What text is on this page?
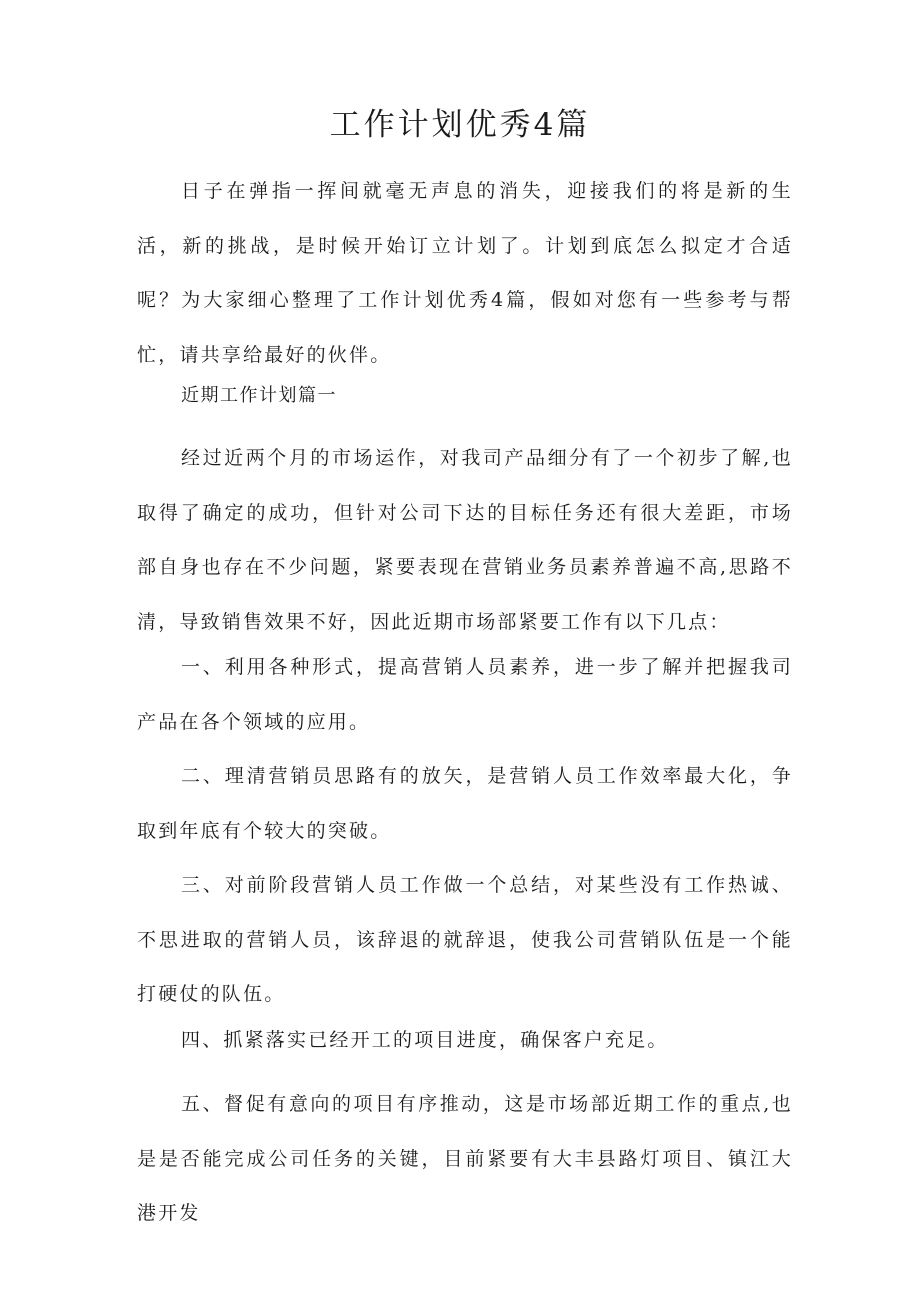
工作计划优秀4篇

日子在弹指一挥间就毫无声息的消失，迎接我们的将是新的生活，新的挑战，是时候开始订立计划了。计划到底怎么拟定才合适呢？为大家细心整理了工作计划优秀4篇，假如对您有一些参考与帮忙，请共享给最好的伙伴。

近期工作计划篇一

经过近两个月的市场运作，对我司产品细分有了一个初步了解,也取得了确定的成功，但针对公司下达的目标任务还有很大差距，市场部自身也存在不少问题，紧要表现在营销业务员素养普遍不高,思路不清，导致销售效果不好，因此近期市场部紧要工作有以下几点：

一、利用各种形式，提高营销人员素养，进一步了解并把握我司产品在各个领域的应用。

二、理清营销员思路有的放矢，是营销人员工作效率最大化，争取到年底有个较大的突破。

三、对前阶段营销人员工作做一个总结，对某些没有工作热诚、不思进取的营销人员，该辞退的就辞退，使我公司营销队伍是一个能打硬仗的队伍。

四、抓紧落实已经开工的项目进度，确保客户充足。

五、督促有意向的项目有序推动，这是市场部近期工作的重点,也是是否能完成公司任务的关键，目前紧要有大丰县路灯项目、镇江大港开发
